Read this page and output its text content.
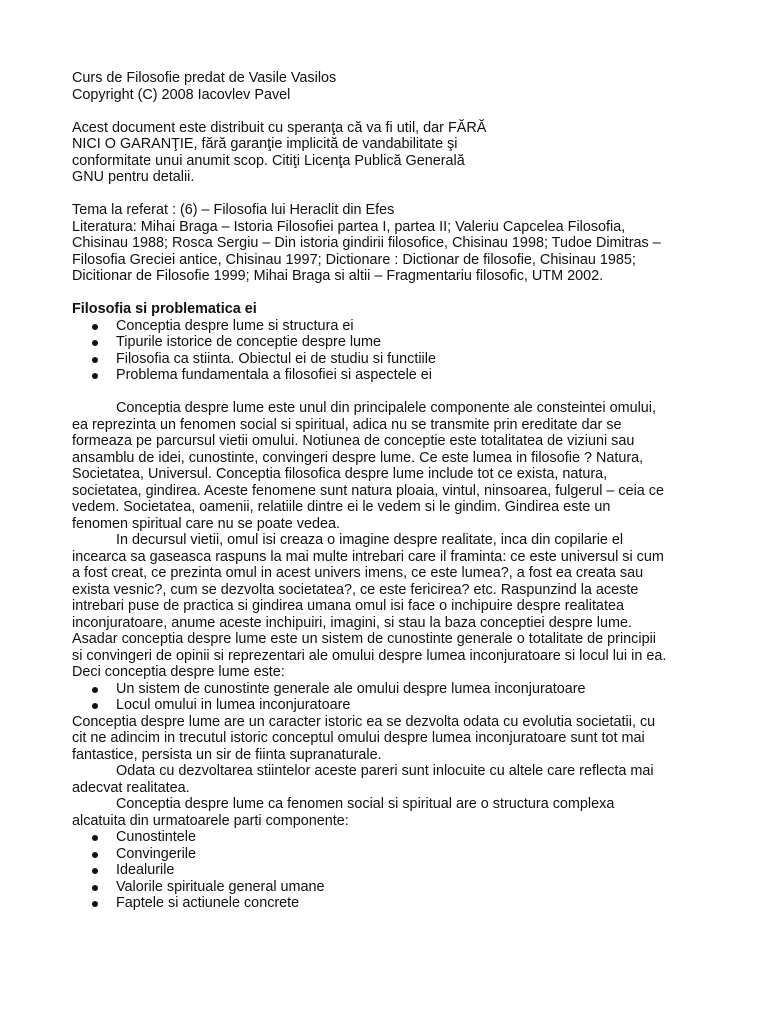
Curs de Filosofie predat de Vasile Vasilos

Copyright (C) 2008 Iacovlev Pavel

Acest document este distribuit cu speranţa că va fi util, dar FĂRĂ

NICI O GARANŢIE, fără garanţie implicită de vandabilitate şi

conformitate unui anumit scop. Citiţi Licenţa Publică Generală

GNU pentru detalii.

Tema la referat : (6) – Filosofia lui Heraclit din Efes

Literatura: Mihai Braga – Istoria Filosofiei partea I, partea II; Valeriu Capcelea Filosofia,

Chisinau 1988; Rosca Sergiu – Din istoria gindirii filosofice, Chisinau 1998; Tudoe Dimitras –

Filosofia Greciei antice, Chisinau 1997; Dictionare : Dictionar de filosofie, Chisinau 1985;

Dicitionar de Filosofie 1999; Mihai Braga si altii – Fragmentariu filosofic, UTM 2002.

Filosofia si problematica ei

Conceptia despre lume si structura ei
Tipurile istorice de conceptie despre lume
Filosofia ca stiinta. Obiectul ei de studiu si functiile
Problema fundamentala a filosofiei si aspectele ei

Conceptia despre lume este unul din principalele componente ale consteintei omului,

ea reprezinta un fenomen social si spiritual, adica nu se transmite prin ereditate dar se

formeaza pe parcursul vietii omului. Notiunea de conceptie este totalitatea de viziuni sau

ansamblu de idei, cunostinte, convingeri despre lume. Ce este lumea in filosofie ? Natura,

Societatea, Universul. Conceptia filosofica despre lume include tot ce exista, natura,

societatea, gindirea. Aceste fenomene sunt natura ploaia, vintul, ninsoarea, fulgerul – ceia ce

vedem. Societatea, oamenii, relatiile dintre ei le vedem si le gindim. Gindirea este un

fenomen spiritual care nu se poate vedea.

In decursul vietii, omul isi creaza o imagine despre realitate, inca din copilarie el

incearca sa gaseasca raspuns la mai multe intrebari care il framinta: ce este universul si cum

a fost creat, ce prezinta omul in acest univers imens, ce este lumea?, a fost ea creata sau

exista vesnic?, cum se dezvolta societatea?, ce este fericirea? etc. Raspunzind la aceste

intrebari puse de practica si gindirea umana omul isi face o inchipuire despre realitatea

inconjuratoare, anume aceste inchipuiri, imagini, si stau la baza conceptiei despre lume.

Asadar conceptia despre lume este un sistem de cunostinte generale o totalitate de principii

si convingeri de opinii si reprezentari ale omului despre lumea inconjuratoare si locul lui in ea.

Deci conceptia despre lume este:

Un sistem de cunostinte generale ale omului despre lumea inconjuratoare
Locul omului in lumea inconjuratoare

Conceptia despre lume are un caracter istoric ea se dezvolta odata cu evolutia societatii, cu

cit ne adincim in trecutul istoric conceptul omului despre lumea inconjuratoare sunt tot mai

fantastice, persista un sir de fiinta supranaturale.

Odata cu dezvoltarea stiintelor aceste pareri sunt inlocuite cu altele care reflecta mai

adecvat realitatea.

Conceptia despre lume ca fenomen social si spiritual are o structura complexa

alcatuita din urmatoarele parti componente:

Cunostintele
Convingerile
Idealurile
Valorile spirituale general umane
Faptele si actiunele concrete
